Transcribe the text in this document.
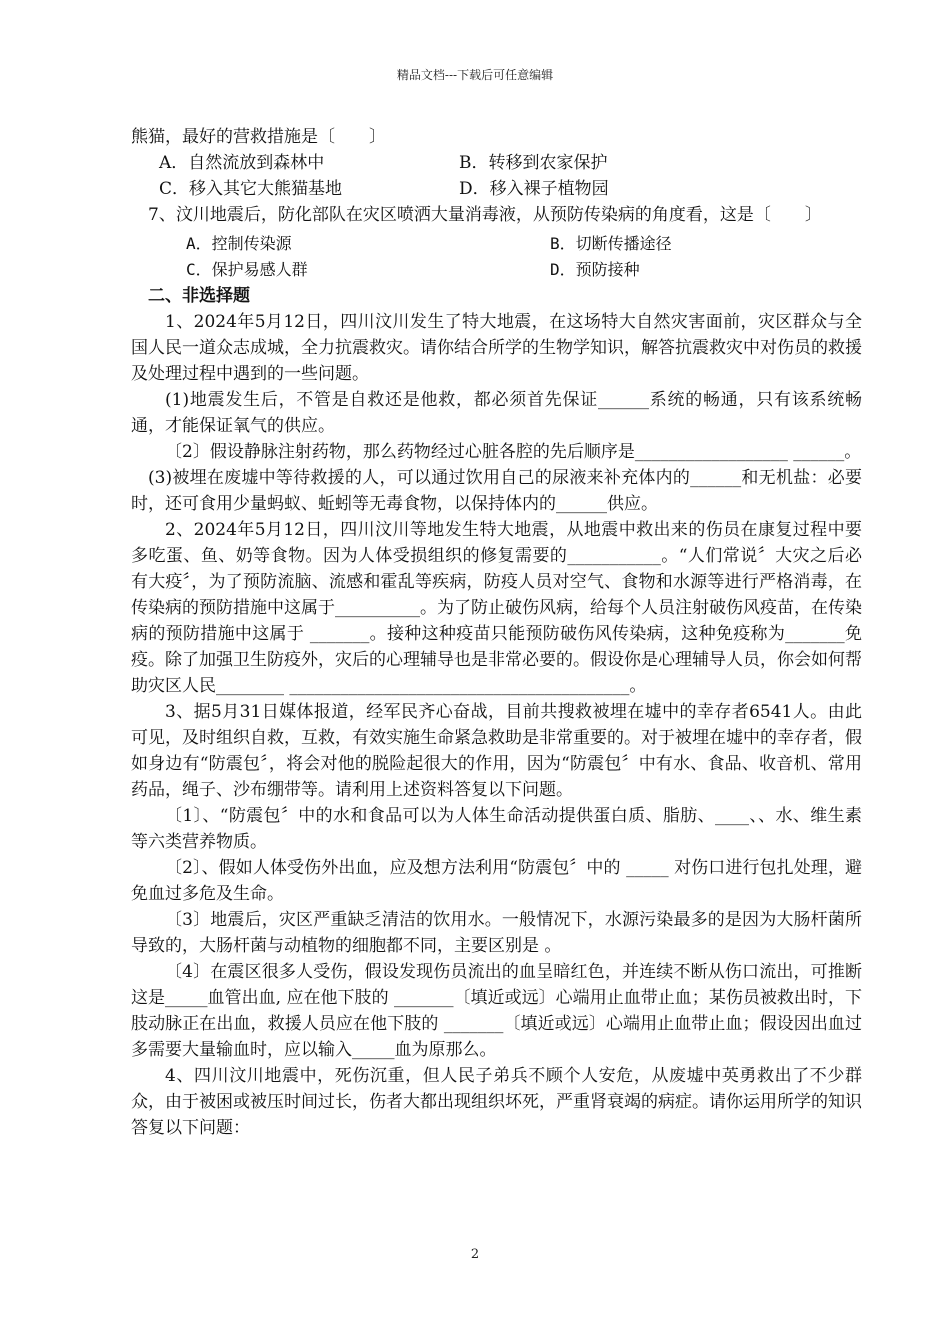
精品文档---下载后可任意编辑

熊猫，最好的营救措施是〔　　〕

A．自然流放到森林中	B．转移到农家保护
C．移入其它大熊猫基地	D．移入裸子植物园

7、汶川地震后，防化部队在灾区喷洒大量消毒液，从预防传染病的角度看，这是〔　　〕

A．控制传染源	B．切断传播途径
C．保护易感人群	D．预防接种

二、非选择题

1、2024年5月12日，四川汶川发生了特大地震，在这场特大自然灾害面前，灾区群众与全国人民一道众志成城，全力抗震救灾。请你结合所学的生物学知识，解答抗震救灾中对伤员的救援及处理过程中遇到的一些问题。

(1)地震发生后，不管是自救还是他救，都必须首先保证______系统的畅通，只有该系统畅通，才能保证氧气的供应。

〔2〕假设静脉注射药物，那么药物经过心脏各腔的先后顺序是__________________ ______。

(3)被埋在废墟中等待救援的人，可以通过饮用自己的尿液来补充体内的______和无机盐：必要时，还可食用少量蚂蚁、蚯蚓等无毒食物，以保持体内的______供应。

2、2024年5月12日，四川汶川等地发生特大地震，从地震中救出来的伤员在康复过程中要多吃蛋、鱼、奶等食物。因为人体受损组织的修复需要的___________。“人们常说〞大灾之后必有大疫〞，为了预防流脑、流感和霍乱等疾病，防疫人员对空气、食物和水源等进行严格消毒，在传染病的预防措施中这属于__________。为了防止破伤风病，给每个人员注射破伤风疫苗，在传染病的预防措施中这属于 _______。接种这种疫苗只能预防破伤风传染病，这种免疫称为_______免疫。除了加强卫生防疫外，灾后的心理辅导也是非常必要的。假设你是心理辅导人员，你会如何帮助灾区人民________ ________________________________________。

3、据5月31日媒体报道，经军民齐心奋战，目前共搜救被埋在墟中的幸存者6541人。由此可见，及时组织自救，互救，有效实施生命紧急救助是非常重要的。对于被埋在墟中的幸存者，假如身边有“防震包〞，将会对他的脱险起很大的作用，因为“防震包〞中有水、食品、收音机、常用药品，绳子、沙布绷带等。请利用上述资料答复以下问题。

〔1〕、“防震包〞中的水和食品可以为人体生命活动提供蛋白质、脂肪、____、、水、维生素等六类营养物质。

〔2〕、假如人体受伤外出血，应及想方法利用“防震包〞中的 _____ 对伤口进行包扎处理，避免血过多危及生命。

〔3〕地震后，灾区严重缺乏清洁的饮用水。一般情况下，水源污染最多的是因为大肠杆菌所导致的，大肠杆菌与动植物的细胞都不同，主要区别是 。

〔4〕在震区很多人受伤，假设发现伤员流出的血呈暗红色，并连续不断从伤口流出，可推断这是_____血管出血, 应在他下肢的 _______〔填近或远〕心端用止血带止血；某伤员被救出时，下肢动脉正在出血，救援人员应在他下肢的 _______〔填近或远〕心端用止血带止血；假设因出血过多需要大量输血时，应以输入_____血为原那么。

4、四川汶川地震中，死伤沉重，但人民子弟兵不顾个人安危，从废墟中英勇救出了不少群众，由于被困或被压时间过长，伤者大都出现组织坏死，严重肾衰竭的病症。请你运用所学的知识答复以下问题：

2
